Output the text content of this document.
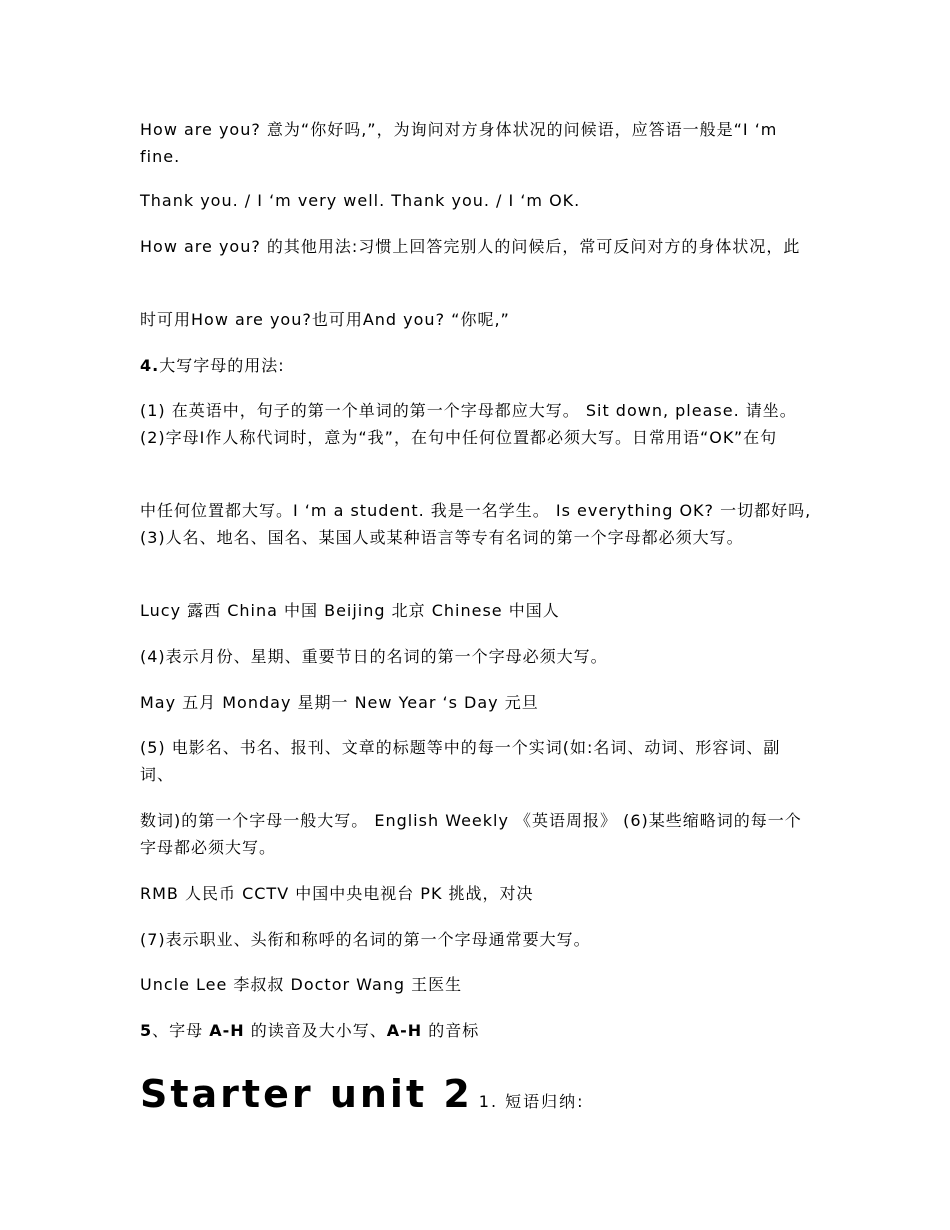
How are you? 意为“你好吗,”，为询问对方身体状况的问候语，应答语一般是“I ‘m fine.

Thank you. / I ‘m very well. Thank you. / I ‘m OK.

How are you? 的其他用法:习惯上回答完别人的问候后，常可反问对方的身体状况，此

时可用How are you?也可用And you? “你呢,”

4.大写字母的用法:

(1) 在英语中，句子的第一个单词的第一个字母都应大写。 Sit down, please. 请坐。 (2)字母I作人称代词时，意为“我”，在句中任何位置都必须大写。日常用语“OK”在句

中任何位置都大写。I ‘m a student. 我是一名学生。 Is everything OK? 一切都好吗, (3)人名、地名、国名、某国人或某种语言等专有名词的第一个字母都必须大写。

Lucy 露西 China 中国 Beijing 北京 Chinese 中国人

(4)表示月份、星期、重要节日的名词的第一个字母必须大写。

May 五月 Monday 星期一 New Year ‘s Day 元旦

(5) 电影名、书名、报刊、文章的标题等中的每一个实词(如:名词、动词、形容词、副词、

数词)的第一个字母一般大写。 English Weekly 《英语周报》 (6)某些缩略词的每一个字母都必须大写。

RMB 人民币 CCTV 中国中央电视台 PK 挑战，对决

(7)表示职业、头衔和称呼的名词的第一个字母通常要大写。

Uncle Lee 李叔叔 Doctor Wang 王医生

5、字母 A-H 的读音及大小写、A-H 的音标

Starter unit 2 1. 短语归纳:
